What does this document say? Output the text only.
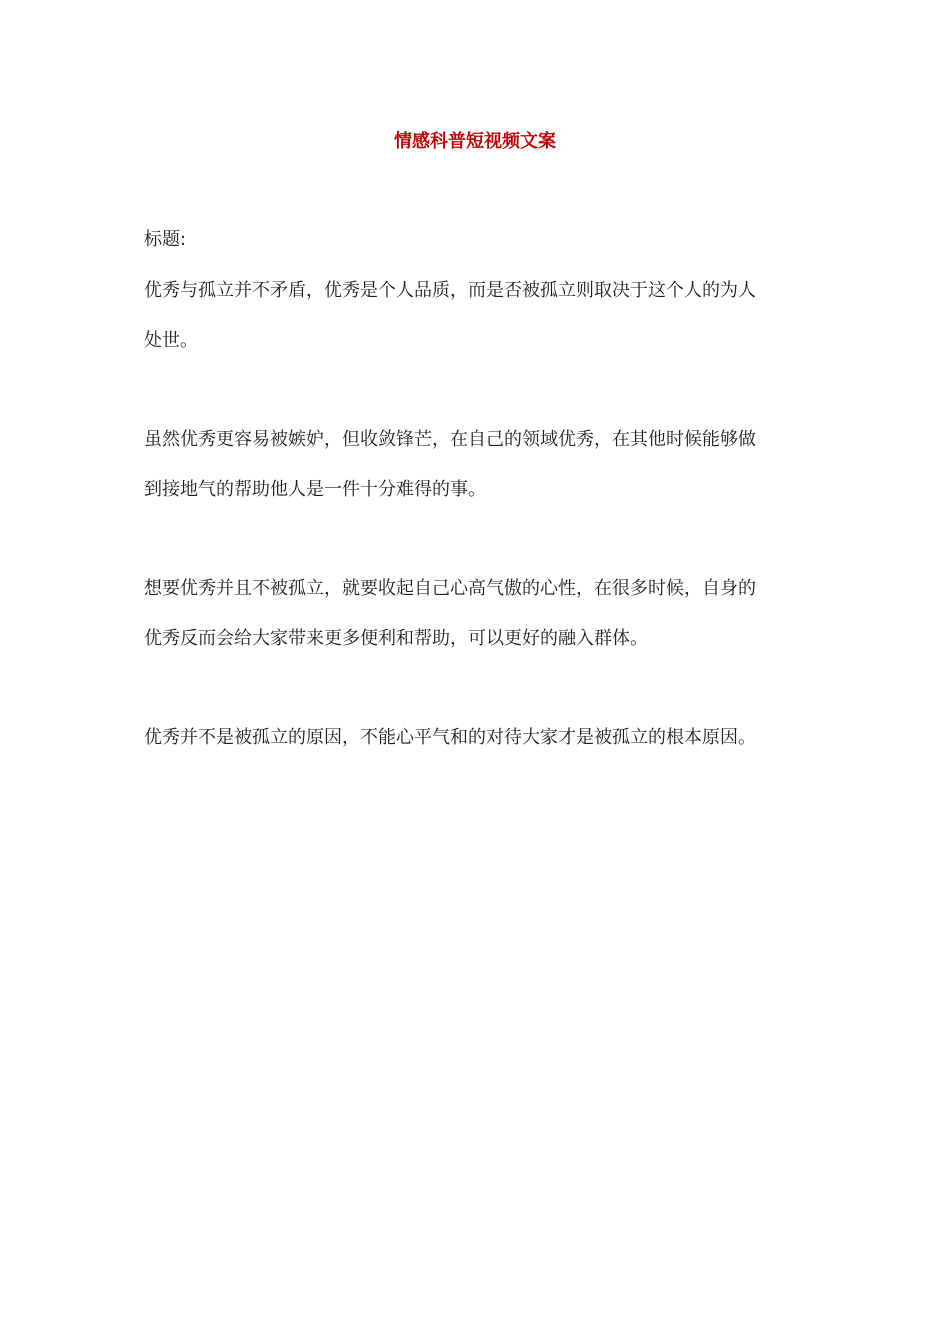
情感科普短视频文案
标题:
优秀与孤立并不矛盾，优秀是个人品质，而是否被孤立则取决于这个人的为人
处世。
虽然优秀更容易被嫉妒，但收敛锋芒，在自己的领域优秀，在其他时候能够做
到接地气的帮助他人是一件十分难得的事。
想要优秀并且不被孤立，就要收起自己心高气傲的心性，在很多时候，自身的
优秀反而会给大家带来更多便利和帮助，可以更好的融入群体。
优秀并不是被孤立的原因，不能心平气和的对待大家才是被孤立的根本原因。
